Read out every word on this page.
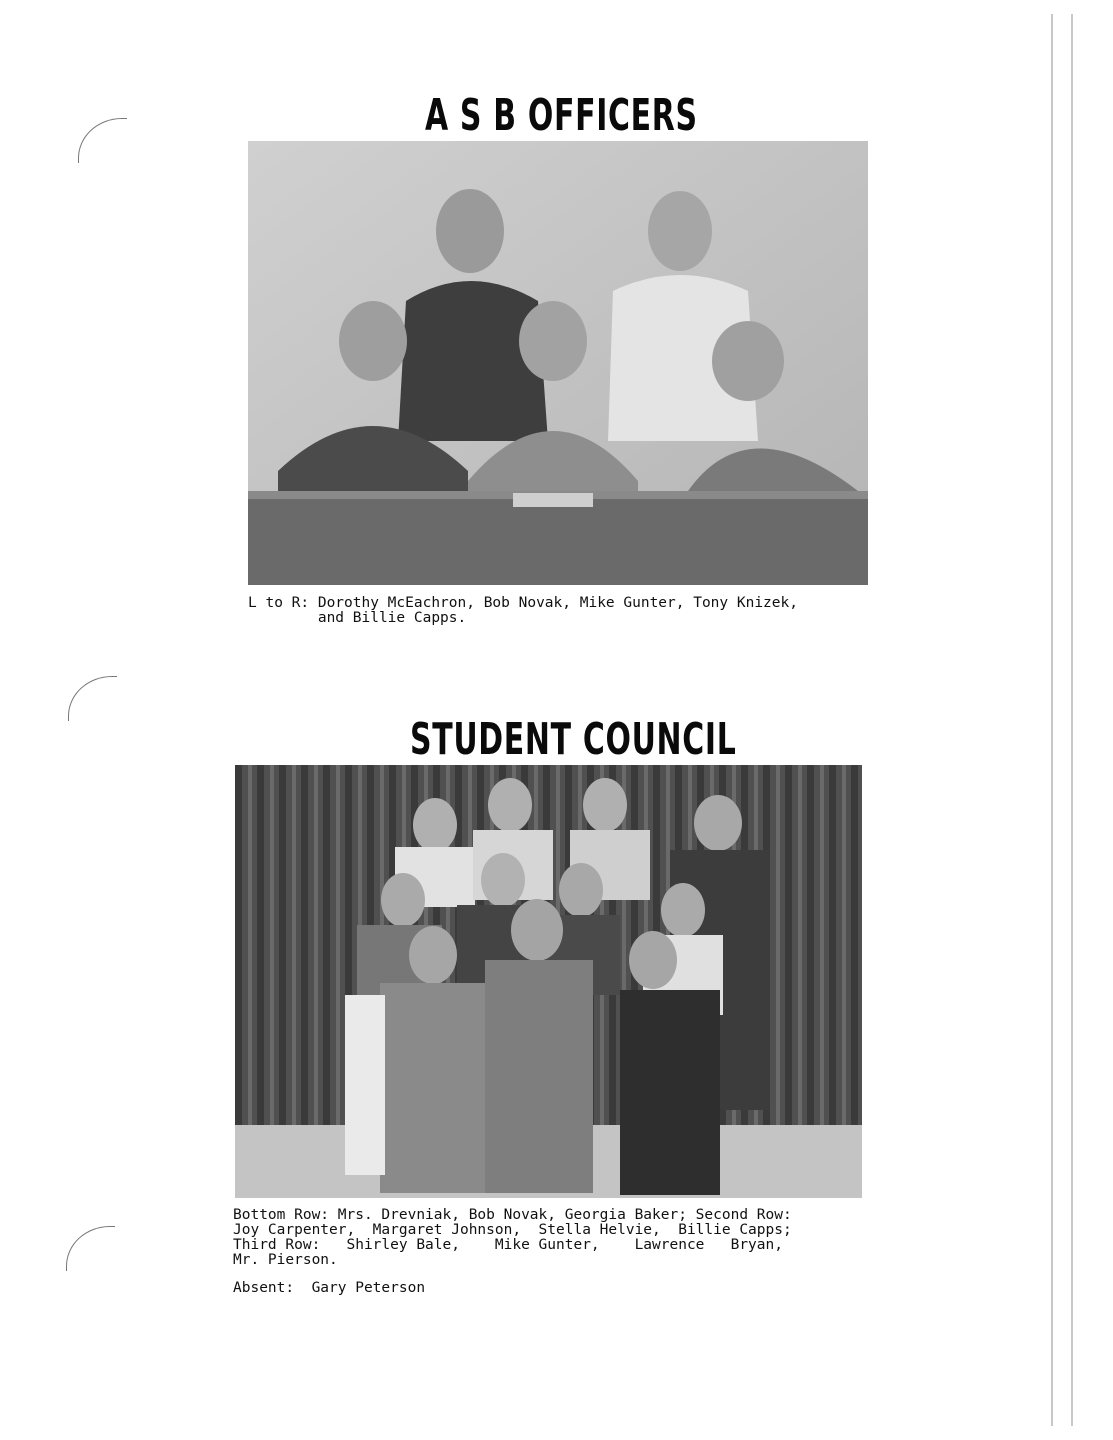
A S B OFFICERS
L to R: Dorothy McEachron, Bob Novak, Mike Gunter, Tony Knizek,
and Billie Capps.
STUDENT COUNCIL
Bottom Row: Mrs. Drevniak, Bob Novak, Georgia Baker; Second Row:
Joy Carpenter,  Margaret Johnson,  Stella Helvie,  Billie Capps;
Third Row:   Shirley Bale,    Mike Gunter,    Lawrence   Bryan,
Mr. Pierson.
Absent:  Gary Peterson
